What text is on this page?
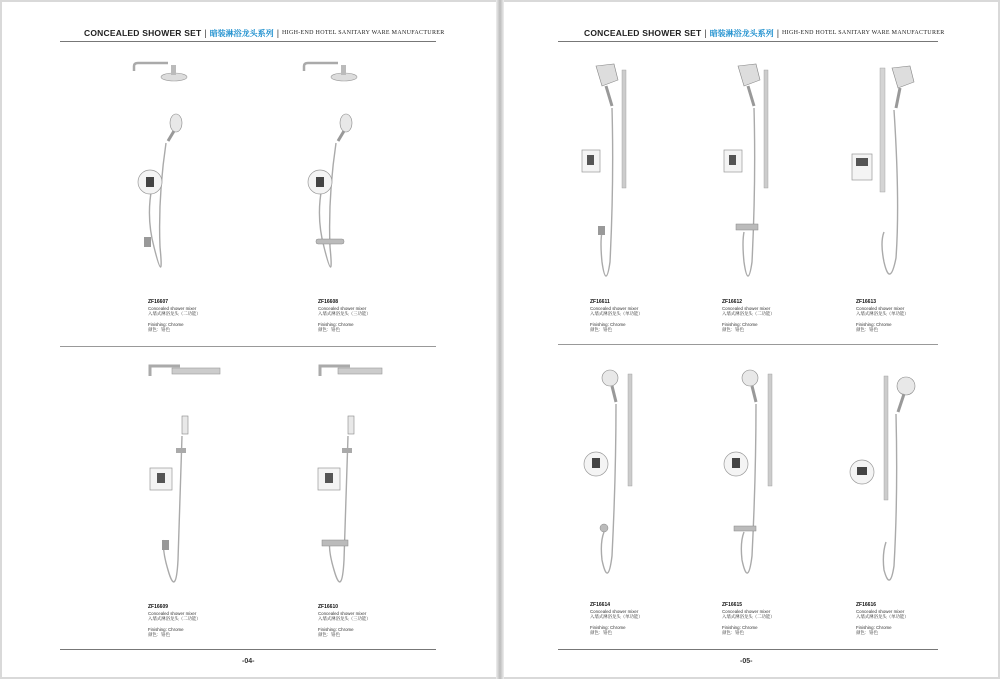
CONCEALED SHOWER SET | 暗装淋浴龙头系列 | HIGH-END HOTEL SANITARY WARE MANUFACTURER
-04-
ZF16607
Concealed shower mixer
入墙式淋浴龙头（二功能）
Finishing: Chrome
颜色：铬色
ZF16608
Concealed shower mixer
入墙式淋浴龙头（三功能）
Finishing: Chrome
颜色：铬色
ZF16609
Concealed shower mixer
入墙式淋浴龙头（二功能）
Finishing: Chrome
颜色：铬色
ZF16610
Concealed shower mixer
入墙式淋浴龙头（三功能）
Finishing: Chrome
颜色：铬色
CONCEALED SHOWER SET | 暗装淋浴龙头系列 | HIGH-END HOTEL SANITARY WARE MANUFACTURER
-05-
ZF16611
Concealed shower mixer
入墙式淋浴龙头（单功能）
Finishing: Chrome
颜色：铬色
ZF16612
Concealed shower mixer
入墙式淋浴龙头（二功能）
Finishing: Chrome
颜色：铬色
ZF16613
Concealed shower mixer
入墙式淋浴龙头（单功能）
Finishing: Chrome
颜色：铬色
ZF16614
Concealed shower mixer
入墙式淋浴龙头（单功能）
Finishing: Chrome
颜色：铬色
ZF16615
Concealed shower mixer
入墙式淋浴龙头（二功能）
Finishing: Chrome
颜色：铬色
ZF16616
Concealed shower mixer
入墙式淋浴龙头（单功能）
Finishing: Chrome
颜色：铬色
